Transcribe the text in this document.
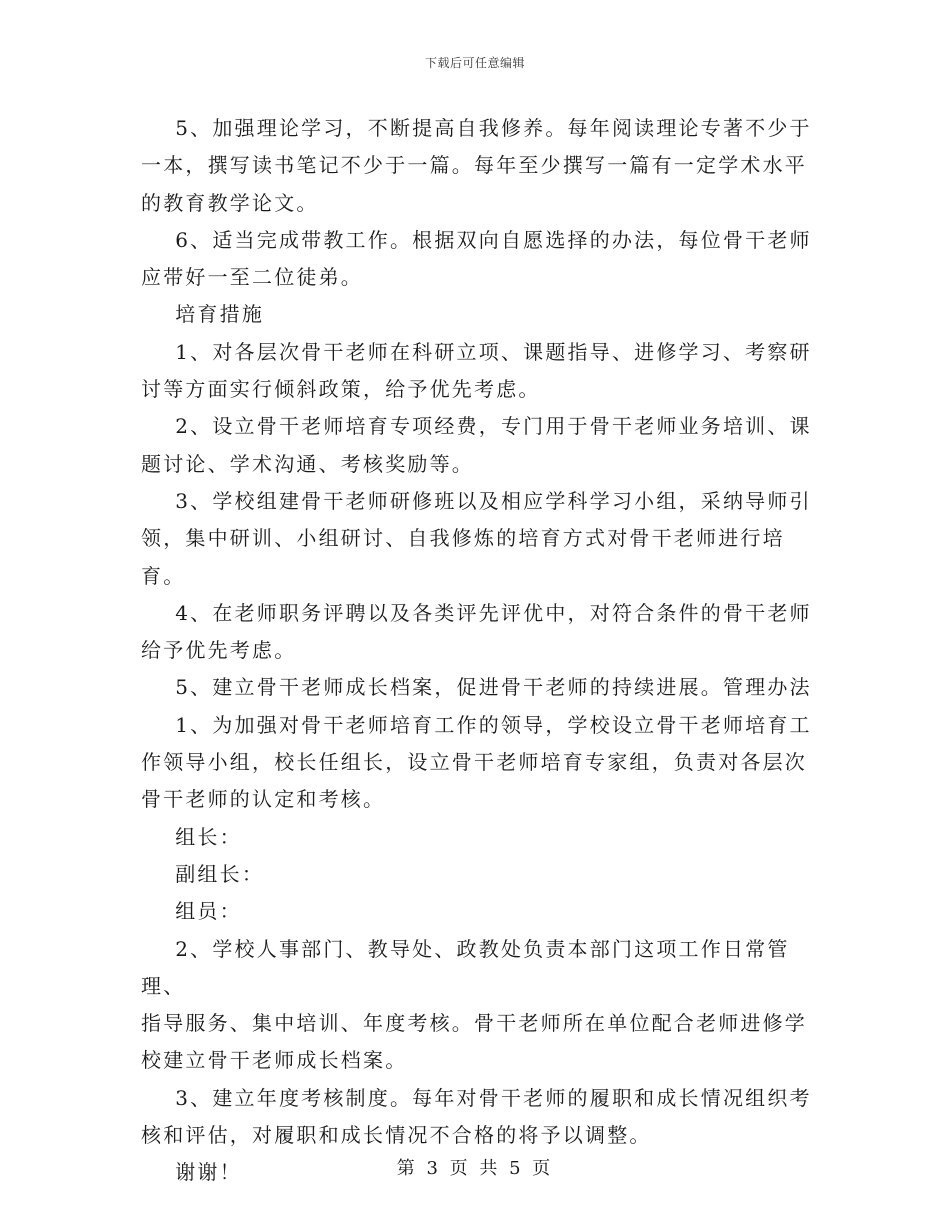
下载后可任意编辑

5、加强理论学习，不断提高自我修养。每年阅读理论专著不少于

一本，撰写读书笔记不少于一篇。每年至少撰写一篇有一定学术水平

的教育教学论文。

6、适当完成带教工作。根据双向自愿选择的办法，每位骨干老师

应带好一至二位徒弟。

培育措施

1、对各层次骨干老师在科研立项、课题指导、进修学习、考察研

讨等方面实行倾斜政策，给予优先考虑。

2、设立骨干老师培育专项经费，专门用于骨干老师业务培训、课

题讨论、学术沟通、考核奖励等。

3、学校组建骨干老师研修班以及相应学科学习小组，采纳导师引

领，集中研训、小组研讨、自我修炼的培育方式对骨干老师进行培育。

4、在老师职务评聘以及各类评先评优中，对符合条件的骨干老师

给予优先考虑。

5、建立骨干老师成长档案，促进骨干老师的持续进展。管理办法

1、为加强对骨干老师培育工作的领导，学校设立骨干老师培育工

作领导小组，校长任组长，设立骨干老师培育专家组，负责对各层次

骨干老师的认定和考核。

组长：

副组长：

组员：

2、学校人事部门、教导处、政教处负责本部门这项工作日常管理、

指导服务、集中培训、年度考核。骨干老师所在单位配合老师进修学

校建立骨干老师成长档案。

3、建立年度考核制度。每年对骨干老师的履职和成长情况组织考

核和评估，对履职和成长情况不合格的将予以调整。

谢谢！	第 3 页 共 5 页
